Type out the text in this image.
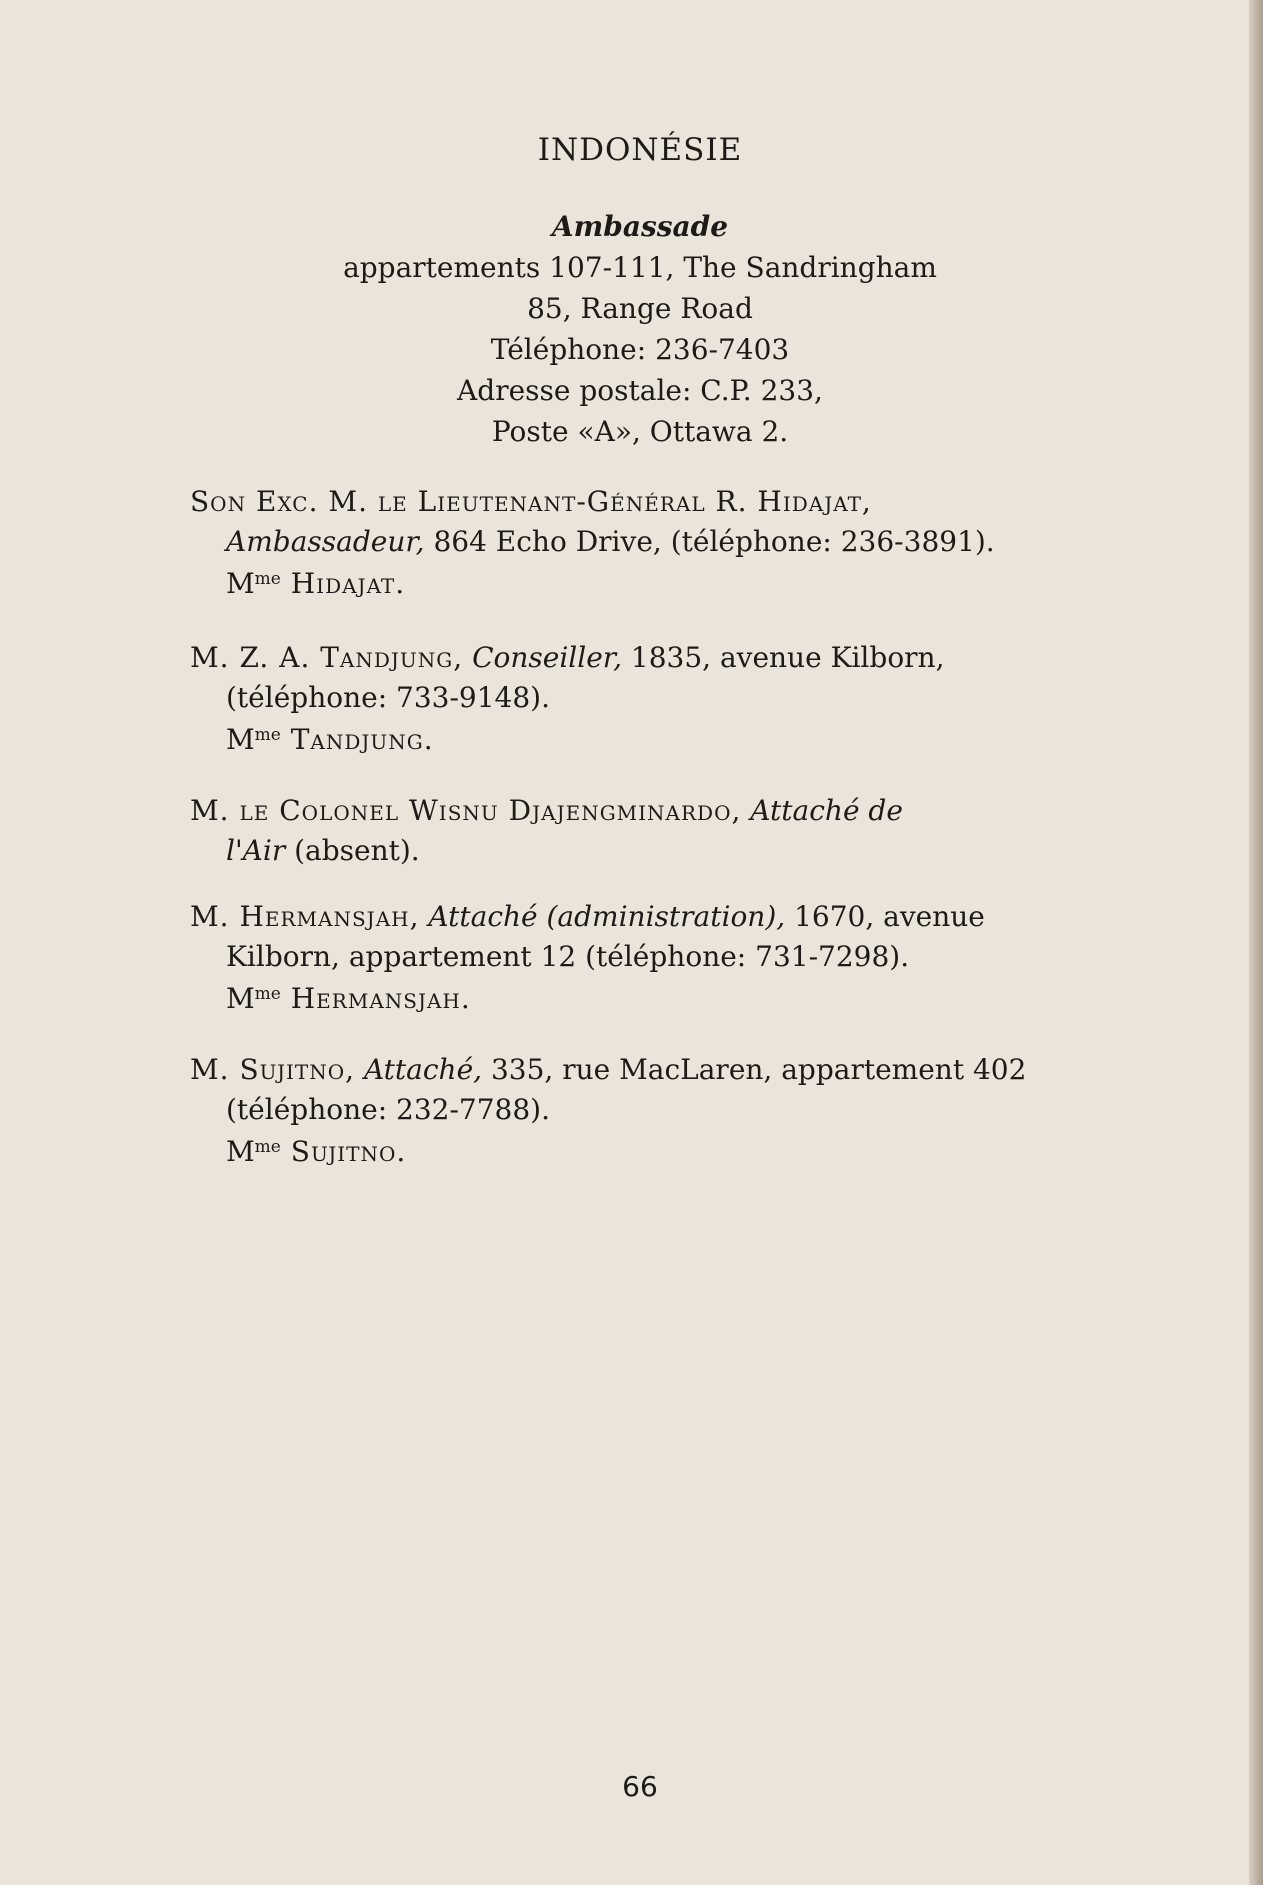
INDONÉSIE
Ambassade
appartements 107-111, The Sandringham
85, Range Road
Téléphone: 236-7403
Adresse postale: C.P. 233,
Poste «A», Ottawa 2.
Son Exc. M. le Lieutenant-Général R. Hidajat,
Ambassadeur, 864 Echo Drive, (téléphone: 236-3891).
$M^{me}$ Hidajat.
M. Z. A. Tandjung, Conseiller, 1835, avenue Kilborn,
(téléphone: 733-9148).
$M^{me}$ Tandjung.
M. le Colonel Wisnu Djajengminardo, Attaché de
l'Air (absent).
M. Hermansjah, Attaché (administration), 1670, avenue
Kilborn, appartement 12 (téléphone: 731-7298).
$M^{me}$ Hermansjah.
M. Sujitno, Attaché, 335, rue MacLaren, appartement 402
(téléphone: 232-7788).
$M^{me}$ Sujitno.
66
